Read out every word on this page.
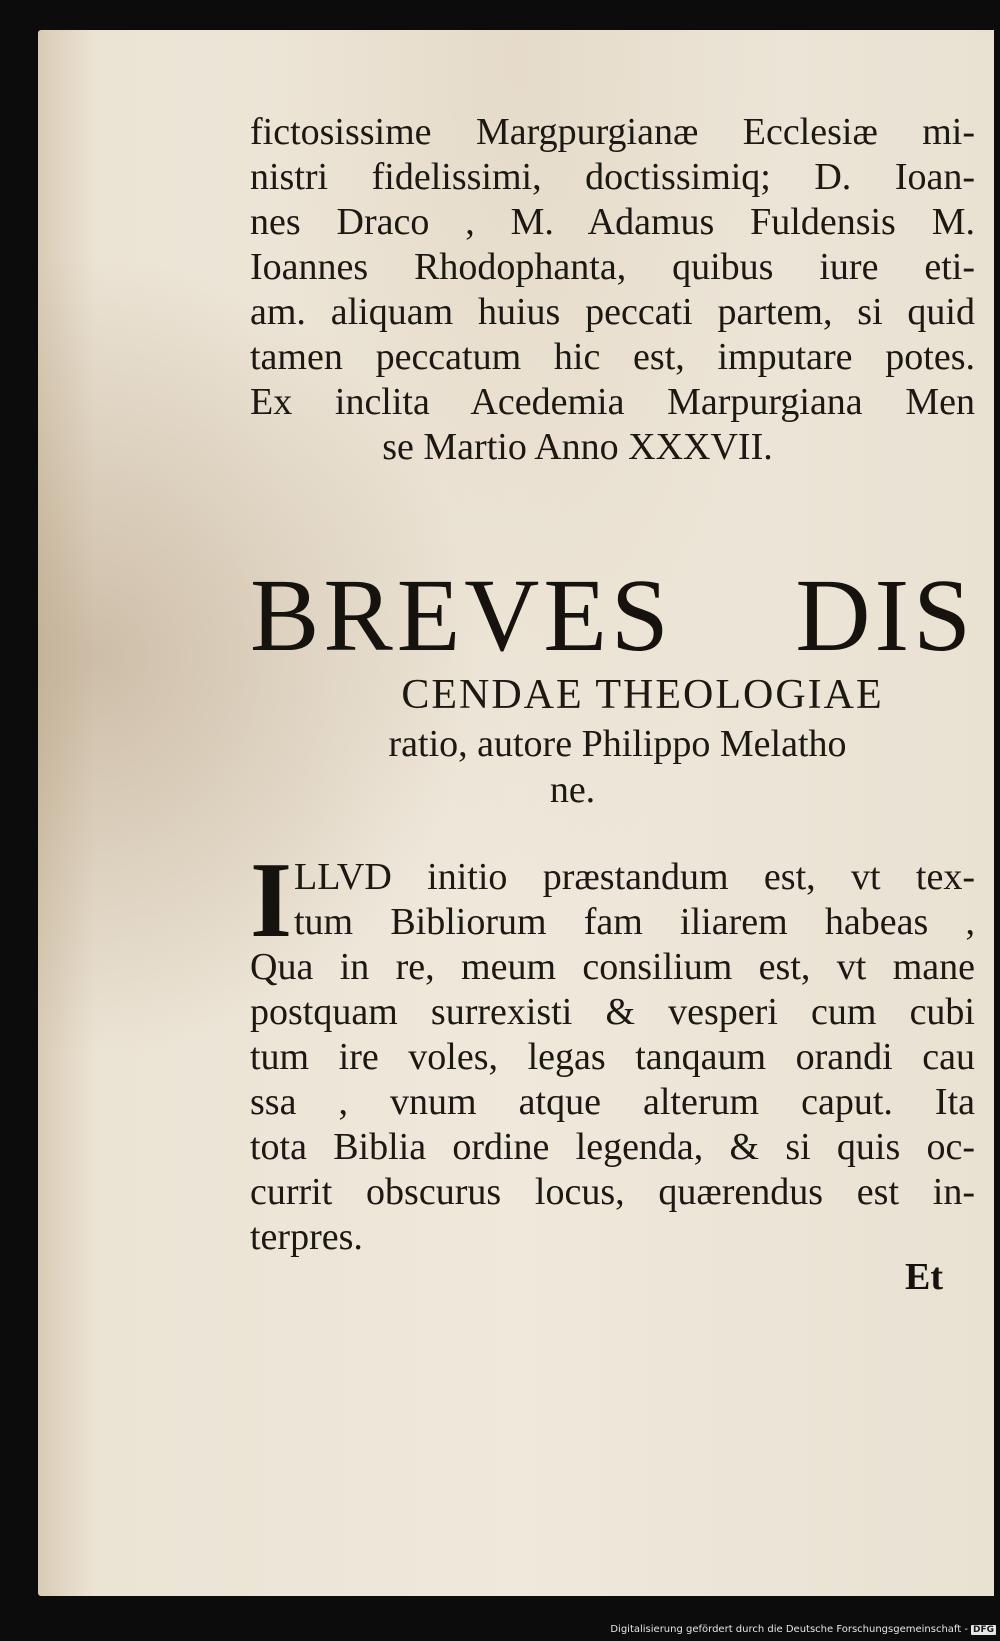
fictosissime Margpurgianæ Ecclesiæ mi-
nistri fidelissimi, doctissimiq; D. Ioan-
nes Draco , M. Adamus Fuldensis M.
Ioannes Rhodophanta, quibus iure eti-
am. aliquam huius peccati partem, si quid
tamen peccatum hic est, imputare potes.
Ex inclita Acedemia Marpurgiana Men
se Martio Anno XXXVII.
BREVES DIS
CENDAE THEOLOGIAE
ratio, autore Philippo Melatho
ne.
I LLVD initio præstandum est, vt tex-
tum Bibliorum fam iliarem habeas ,
Qua in re, meum consilium est, vt mane
postquam surrexisti & vesperi cum cubi
tum ire voles, legas tanqaum orandi cau
ssa , vnum atque alterum caput. Ita
tota Biblia ordine legenda, & si quis oc-
currit obscurus locus, quærendus est in-
terpres.
Et
Digitalisierung gefördert durch die Deutsche Forschungsgemeinschaft - DFG
